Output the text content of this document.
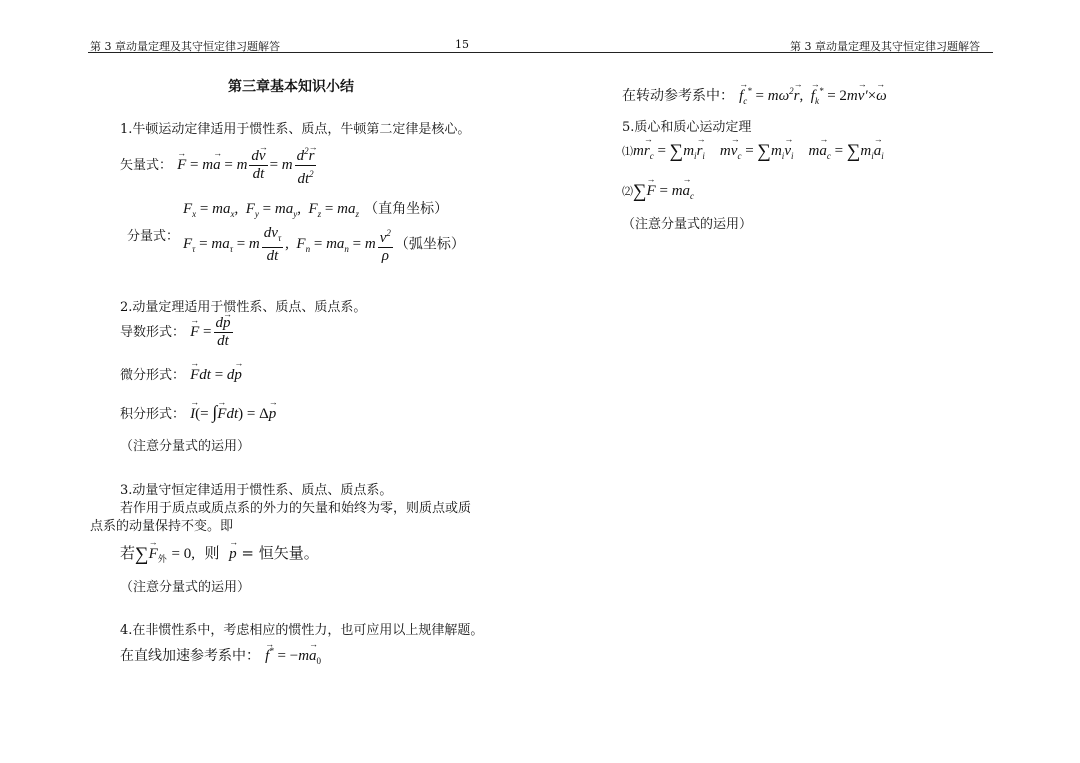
第 3 章动量定理及其守恒定律习题解答	15	第 3 章动量定理及其守恒定律习题解答
第三章基本知识小结
1.牛顿运动定律适用于惯性系、质点，牛顿第二定律是核心。
矢量式： → F = m→ a = m $\frac{d\to v}{dt} = m \frac{d^2\to r}{dt^2}$
$F_x = ma_x$,  $F_y = ma_y$,  $F_z = ma_z$ （直角坐标）
分量式： $F_\tau = ma_\tau = m \frac{dv_\tau}{dt}$ ,  $F_n = ma_n = m \frac{v^2}{\rho}$ （弧坐标）
2.动量定理适用于惯性系、质点、质点系。
导数形式： → $F = \frac{d\to p}{dt}$
微分形式： → Fdt = d→ p
积分形式： → I(= ∫→ Fdt) = Δ→ p
（注意分量式的运用）
3.动量守恒定律适用于惯性系、质点、质点系。
若作用于质点或质点系的外力的矢量和始终为零，则质点或质
点系的动量保持不变。即
若∑→ $F_外 = 0$, 则 → p = 恒矢量。
（注意分量式的运用）
4.在非惯性系中，考虑相应的惯性力，也可应用以上规律解题。
在直线加速参考系中： → $f^* = -m\to a_0$
在转动参考系中： → $f_c^* = m\omega^2\to r$, → $f_k^* = 2m\to v'\times\to \omega$
5.质心和质心运动定理
⑴m→ $r_c = \sum m_i\to r_i$    $m\to v_c = \sum m_i\to v_i$    $m\to a_c = \sum m_i\to a_i$
⑵∑→ $F = m\to a_c$
（注意分量式的运用）
